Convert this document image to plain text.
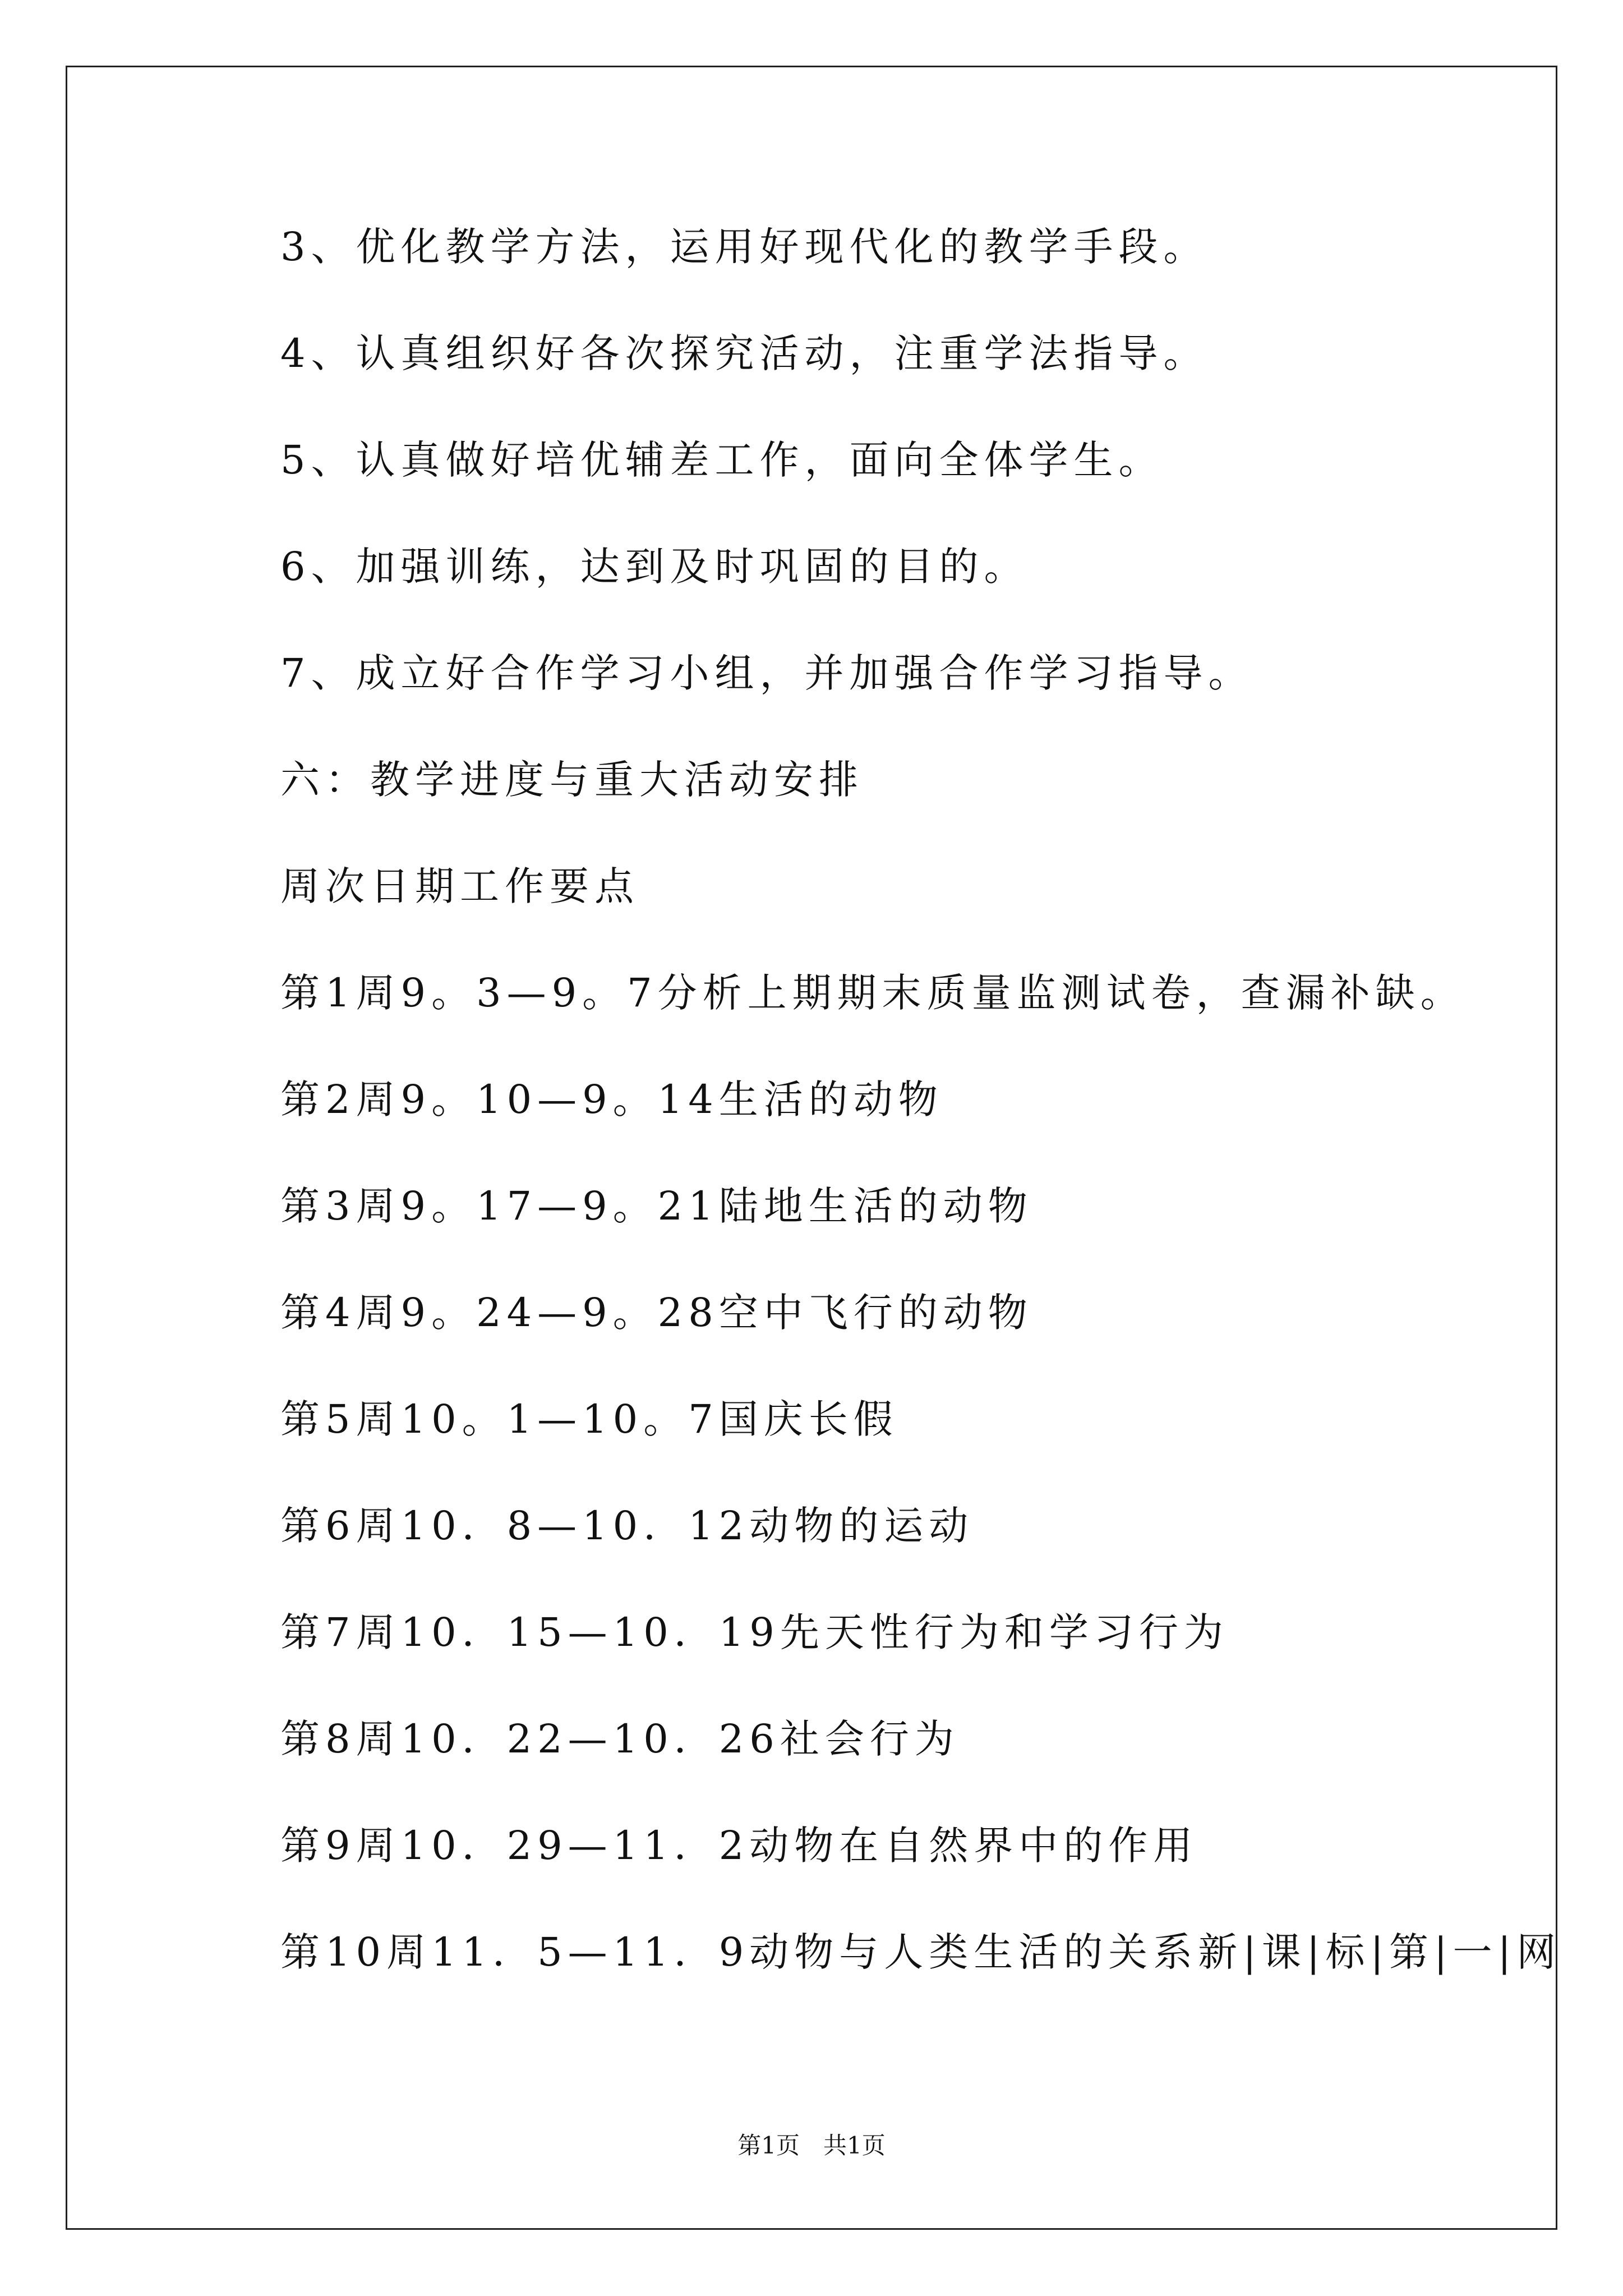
3、优化教学方法，运用好现代化的教学手段。

4、认真组织好各次探究活动，注重学法指导。

5、认真做好培优辅差工作，面向全体学生。

6、加强训练，达到及时巩固的目的。

7、成立好合作学习小组，并加强合作学习指导。

六：教学进度与重大活动安排

周次日期工作要点

第1周9。3—9。7分析上期期末质量监测试卷，查漏补缺。

第2周9。10—9。14生活的动物

第3周9。17—9。21陆地生活的动物

第4周9。24—9。28空中飞行的动物

第5周10。1—10。7国庆长假

第6周10．8—10．12动物的运动

第7周10．15—10．19先天性行为和学习行为

第8周10．22—10．26社会行为

第9周10．29—11．2动物在自然界中的作用

第10周11．5—11．9动物与人类生活的关系新|课|标|第|一|网

第1页　共1页
